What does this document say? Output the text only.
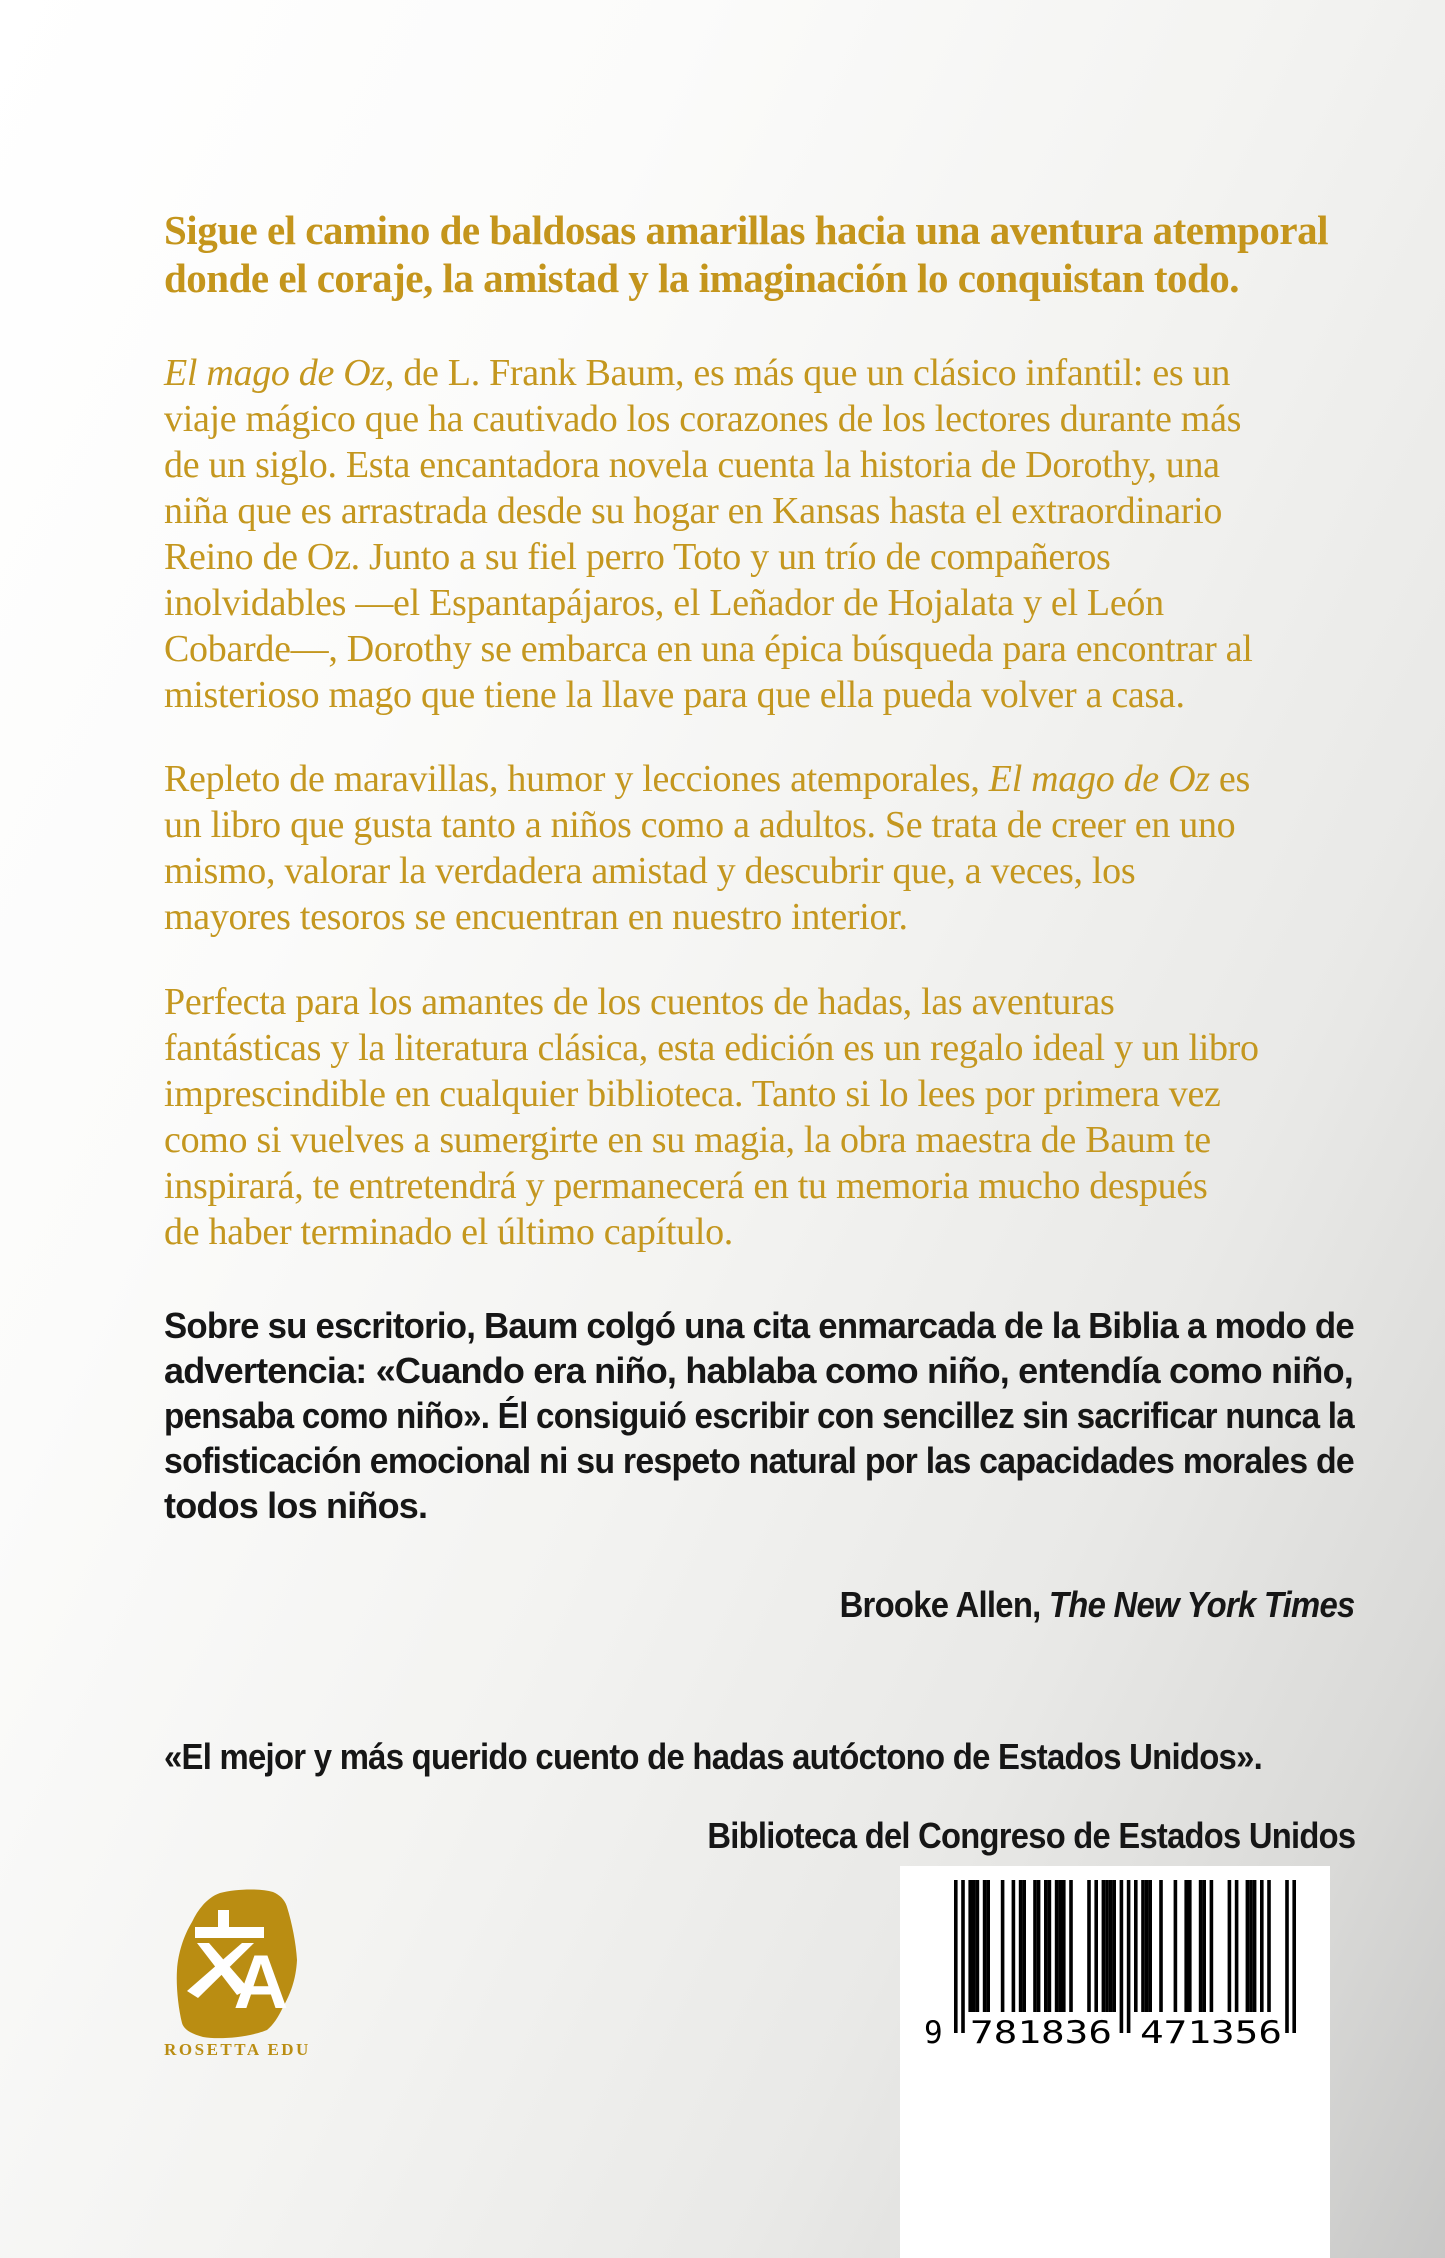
Sigue el camino de baldosas amarillas hacia una aventura atemporal
donde el coraje, la amistad y la imaginación lo conquistan todo.
El mago de Oz, de L. Frank Baum, es más que un clásico infantil: es un
viaje mágico que ha cautivado los corazones de los lectores durante más
de un siglo. Esta encantadora novela cuenta la historia de Dorothy, una
niña que es arrastrada desde su hogar en Kansas hasta el extraordinario
Reino de Oz. Junto a su fiel perro Toto y un trío de compañeros
inolvidables —el Espantapájaros, el Leñador de Hojalata y el León
Cobarde—, Dorothy se embarca en una épica búsqueda para encontrar al
misterioso mago que tiene la llave para que ella pueda volver a casa.
Repleto de maravillas, humor y lecciones atemporales, El mago de Oz es
un libro que gusta tanto a niños como a adultos. Se trata de creer en uno
mismo, valorar la verdadera amistad y descubrir que, a veces, los
mayores tesoros se encuentran en nuestro interior.
Perfecta para los amantes de los cuentos de hadas, las aventuras
fantásticas y la literatura clásica, esta edición es un regalo ideal y un libro
imprescindible en cualquier biblioteca. Tanto si lo lees por primera vez
como si vuelves a sumergirte en su magia, la obra maestra de Baum te
inspirará, te entretendrá y permanecerá en tu memoria mucho después
de haber terminado el último capítulo.
Sobre su escritorio, Baum colgó una cita enmarcada de la Biblia a modo de
advertencia: «Cuando era niño, hablaba como niño, entendía como niño,
pensaba como niño». Él consiguió escribir con sencillez sin sacrificar nunca la
sofisticación emocional ni su respeto natural por las capacidades morales de
todos los niños.
Brooke Allen, The New York Times
«El mejor y más querido cuento de hadas autóctono de Estados Unidos».
Biblioteca del Congreso de Estados Unidos
A
ROSETTA EDU	9 781836 471356
